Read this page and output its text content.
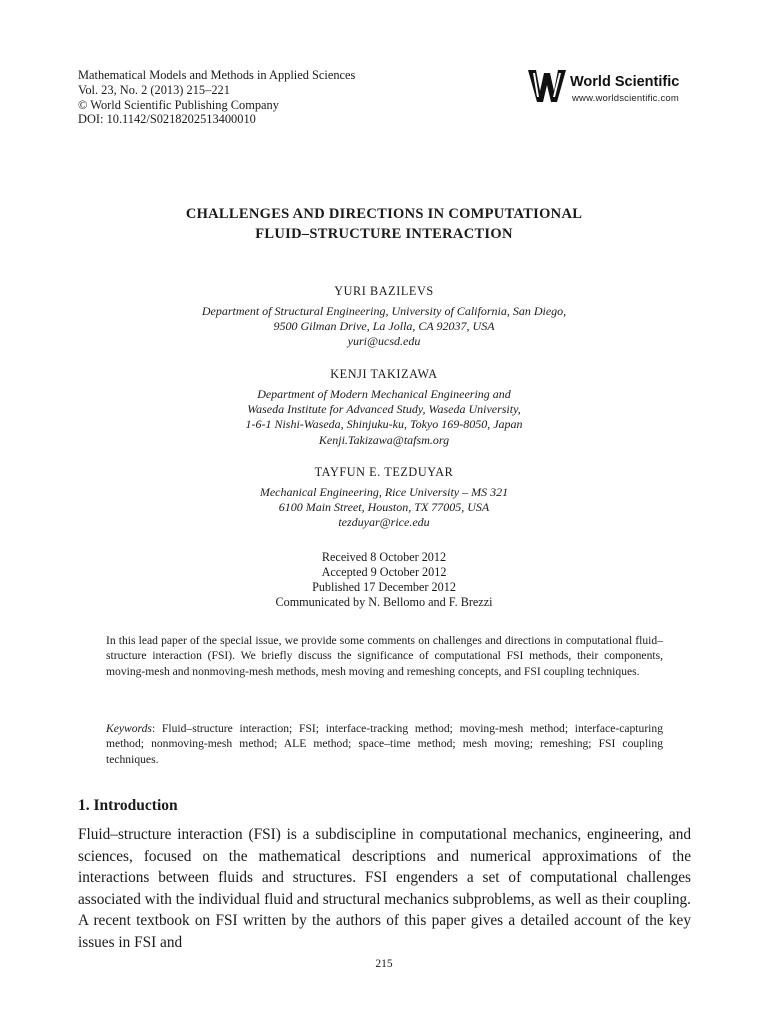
Mathematical Models and Methods in Applied Sciences
Vol. 23, No. 2 (2013) 215–221
© World Scientific Publishing Company
DOI: 10.1142/S0218202513400010
World Scientific
www.worldscientific.com
CHALLENGES AND DIRECTIONS IN COMPUTATIONAL
FLUID–STRUCTURE INTERACTION
YURI BAZILEVS
Department of Structural Engineering, University of California, San Diego,
9500 Gilman Drive, La Jolla, CA 92037, USA
yuri@ucsd.edu
KENJI TAKIZAWA
Department of Modern Mechanical Engineering and
Waseda Institute for Advanced Study, Waseda University,
1-6-1 Nishi-Waseda, Shinjuku-ku, Tokyo 169-8050, Japan
Kenji.Takizawa@tafsm.org
TAYFUN E. TEZDUYAR
Mechanical Engineering, Rice University – MS 321
6100 Main Street, Houston, TX 77005, USA
tezduyar@rice.edu
Received 8 October 2012
Accepted 9 October 2012
Published 17 December 2012
Communicated by N. Bellomo and F. Brezzi
In this lead paper of the special issue, we provide some comments on challenges and directions in computational fluid–structure interaction (FSI). We briefly discuss the significance of computational FSI methods, their components, moving-mesh and nonmoving-mesh methods, mesh moving and remeshing concepts, and FSI coupling techniques.
Keywords: Fluid–structure interaction; FSI; interface-tracking method; moving-mesh method; interface-capturing method; nonmoving-mesh method; ALE method; space–time method; mesh moving; remeshing; FSI coupling techniques.
1. Introduction
Fluid–structure interaction (FSI) is a subdiscipline in computational mechanics, engineering, and sciences, focused on the mathematical descriptions and numerical approximations of the interactions between fluids and structures. FSI engenders a set of computational challenges associated with the individual fluid and structural mechanics subproblems, as well as their coupling. A recent textbook on FSI written by the authors of this paper gives a detailed account of the key issues in FSI and
215
